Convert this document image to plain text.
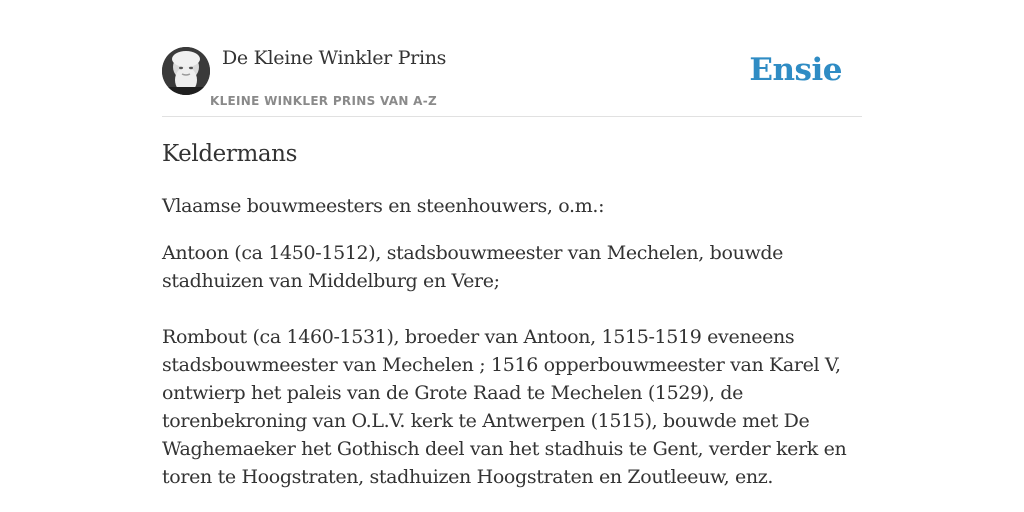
De Kleine Winkler Prins
KLEINE WINKLER PRINS VAN A-Z
Ensie
Keldermans

Vlaamse bouwmeesters en steenhouwers, o.m.:

Antoon (ca 1450-1512), stadsbouwmeester van Mechelen, bouwde stadhuizen van Middelburg en Vere;

Rombout (ca 1460-1531), broeder van Antoon, 1515-1519 eveneens stadsbouwmeester van Mechelen ; 1516 opperbouwmeester van Karel V, ontwierp het paleis van de Grote Raad te Mechelen (1529), de torenbekroning van O.L.V. kerk te Antwerpen (1515), bouwde met De Waghemaeker het Gothisch deel van het stadhuis te Gent, verder kerk en toren te Hoogstraten, stadhuizen Hoogstraten en Zoutleeuw, enz.
